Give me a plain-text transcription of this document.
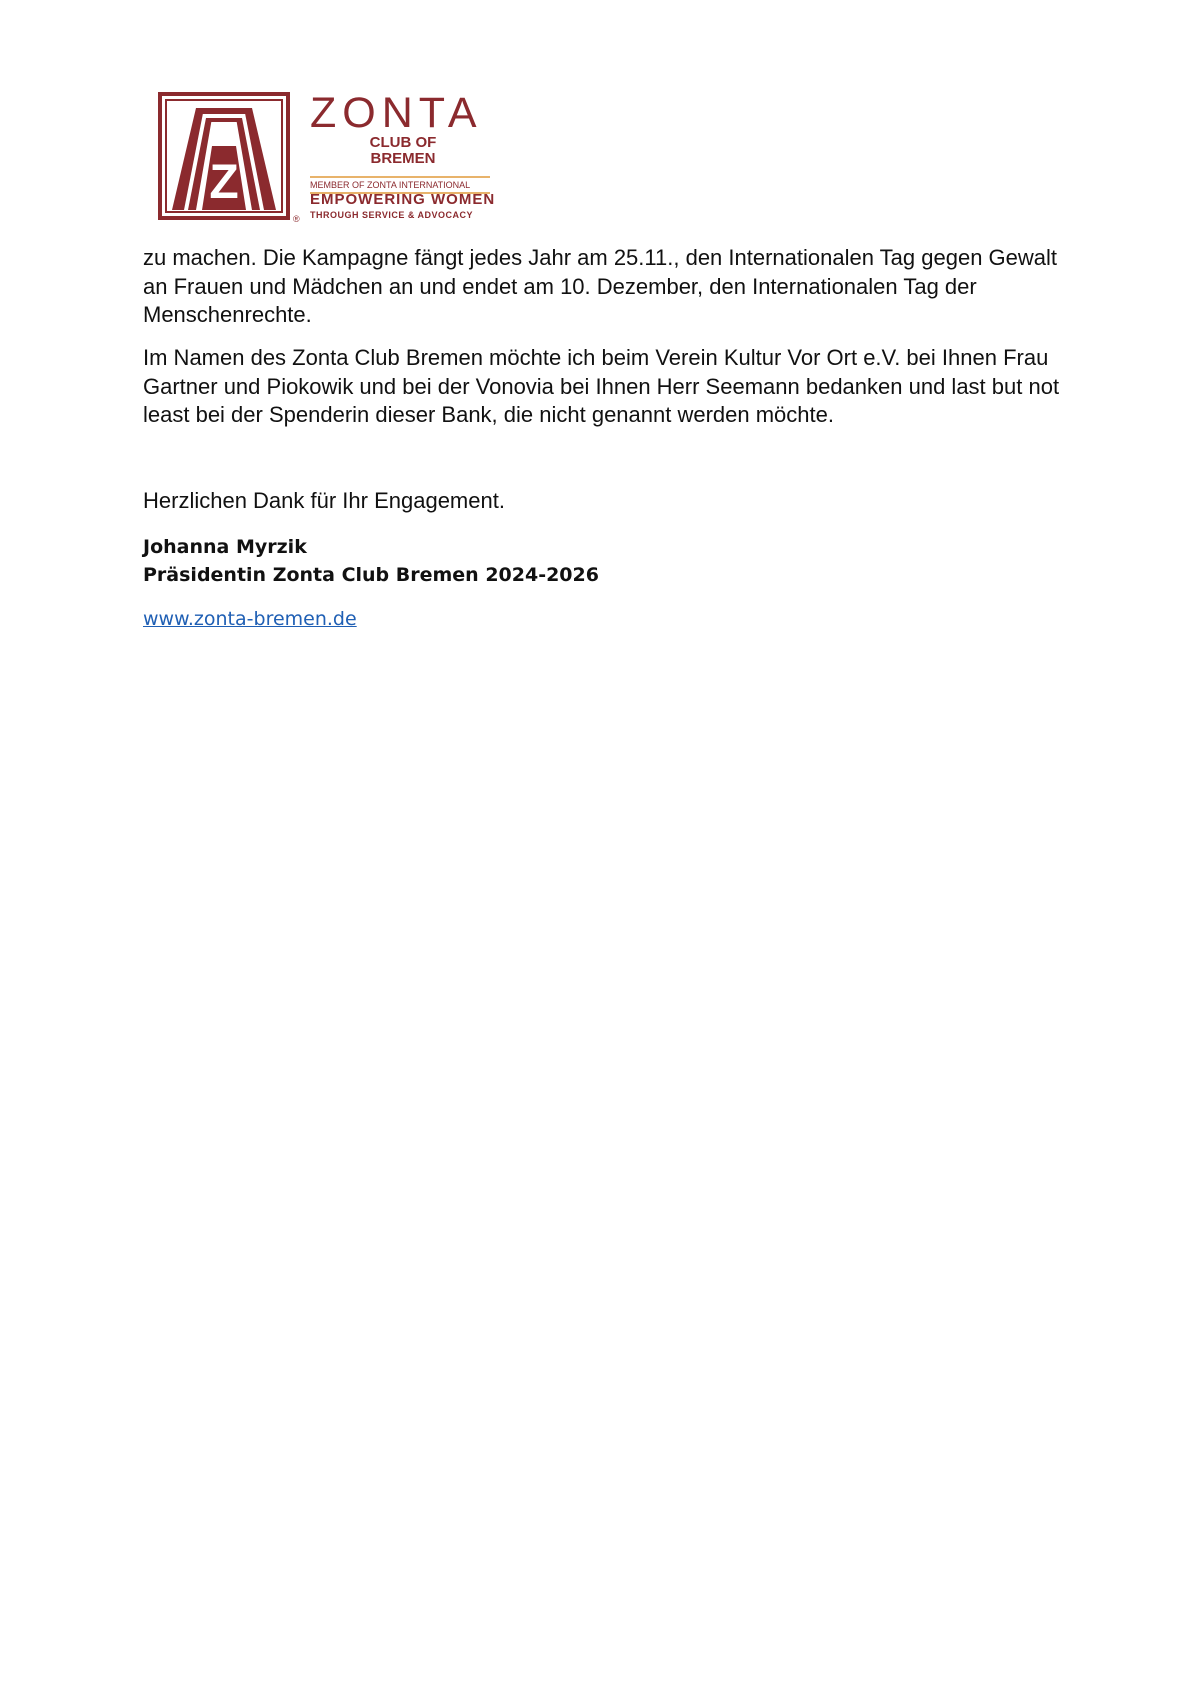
Z
®
ZONTA
CLUB OF BREMEN
MEMBER OF ZONTA INTERNATIONAL
EMPOWERING WOMEN
THROUGH SERVICE & ADVOCACY

zu machen. Die Kampagne fängt jedes Jahr am 25.11., den Internationalen Tag gegen Gewalt an Frauen und Mädchen an und endet am 10. Dezember, den Internationalen Tag der Menschenrechte.

Im Namen des Zonta Club Bremen möchte ich beim Verein Kultur Vor Ort e.V. bei Ihnen Frau Gartner und Piokowik und bei der Vonovia bei Ihnen Herr Seemann bedanken und last but not least bei der Spenderin dieser Bank, die nicht genannt werden möchte.

Herzlichen Dank für Ihr Engagement.

Johanna Myrzik

Präsidentin Zonta Club Bremen 2024-2026

www.zonta-bremen.de
